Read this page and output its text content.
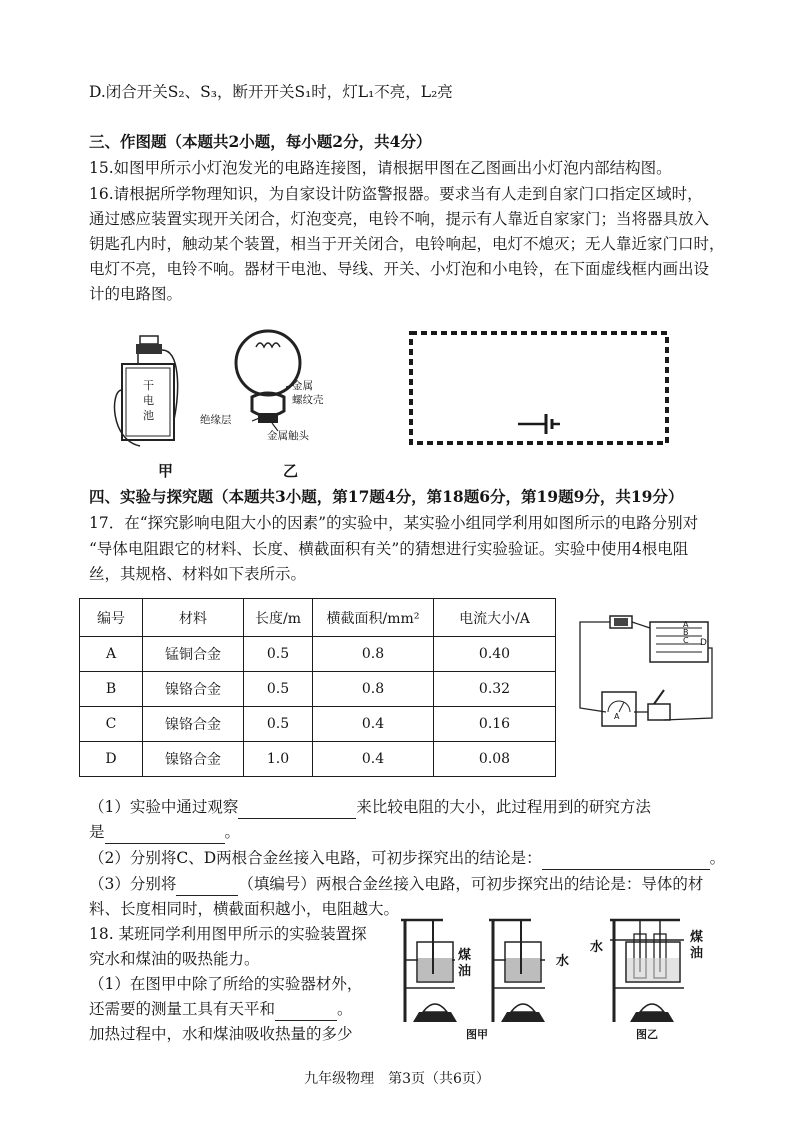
D.闭合开关S₂、S₃，断开开关S₁时，灯L₁不亮，L₂亮
三、作图题（本题共2小题，每小题2分，共4分）
15.如图甲所示小灯泡发光的电路连接图，请根据甲图在乙图画出小灯泡内部结构图。
16.请根据所学物理知识，为自家设计防盗警报器。要求当有人走到自家门口指定区域时，
通过感应装置实现开关闭合，灯泡变亮，电铃不响，提示有人靠近自家家门；当将器具放入
钥匙孔内时，触动某个装置，相当于开关闭合，电铃响起，电灯不熄灭；无人靠近家门口时，
电灯不亮，电铃不响。器材干电池、导线、开关、小灯泡和小电铃，在下面虚线框内画出设
计的电路图。
干电池
甲
金属
螺纹壳
绝缘层
金属触头
乙
四、实验与探究题（本题共3小题，第17题4分，第18题6分，第19题9分，共19分）
17．在“探究影响电阻大小的因素”的实验中，某实验小组同学利用如图所示的电路分别对
“导体电阻跟它的材料、长度、横截面积有关”的猜想进行实验验证。实验中使用4根电阻
丝，其规格、材料如下表所示。
编号	材料	长度/m	横截面积/mm²	电流大小/A
A	锰铜合金	0.5	0.8	0.40
B	镍铬合金	0.5	0.8	0.32
C	镍铬合金	0.5	0.4	0.16
D	镍铬合金	1.0	0.4	0.08
A
B
C D
A
（1）实验中通过观察	来比较电阻的大小，此过程用到的研究方法
是	。
（2）分别将C、D两根合金丝接入电路，可初步探究出的结论是：	。
（3）分别将	（填编号）两根合金丝接入电路，可初步探究出的结论是：导体的材
料、长度相同时，横截面积越小，电阻越大。
18. 某班同学利用图甲所示的实验装置探
究水和煤油的吸热能力。
（1）在图甲中除了所给的实验器材外，
还需要的测量工具有天平和	。
加热过程中，水和煤油吸收热量的多少
煤
油
水
图甲
水
煤
油
图乙
九年级物理　第3页（共6页）
